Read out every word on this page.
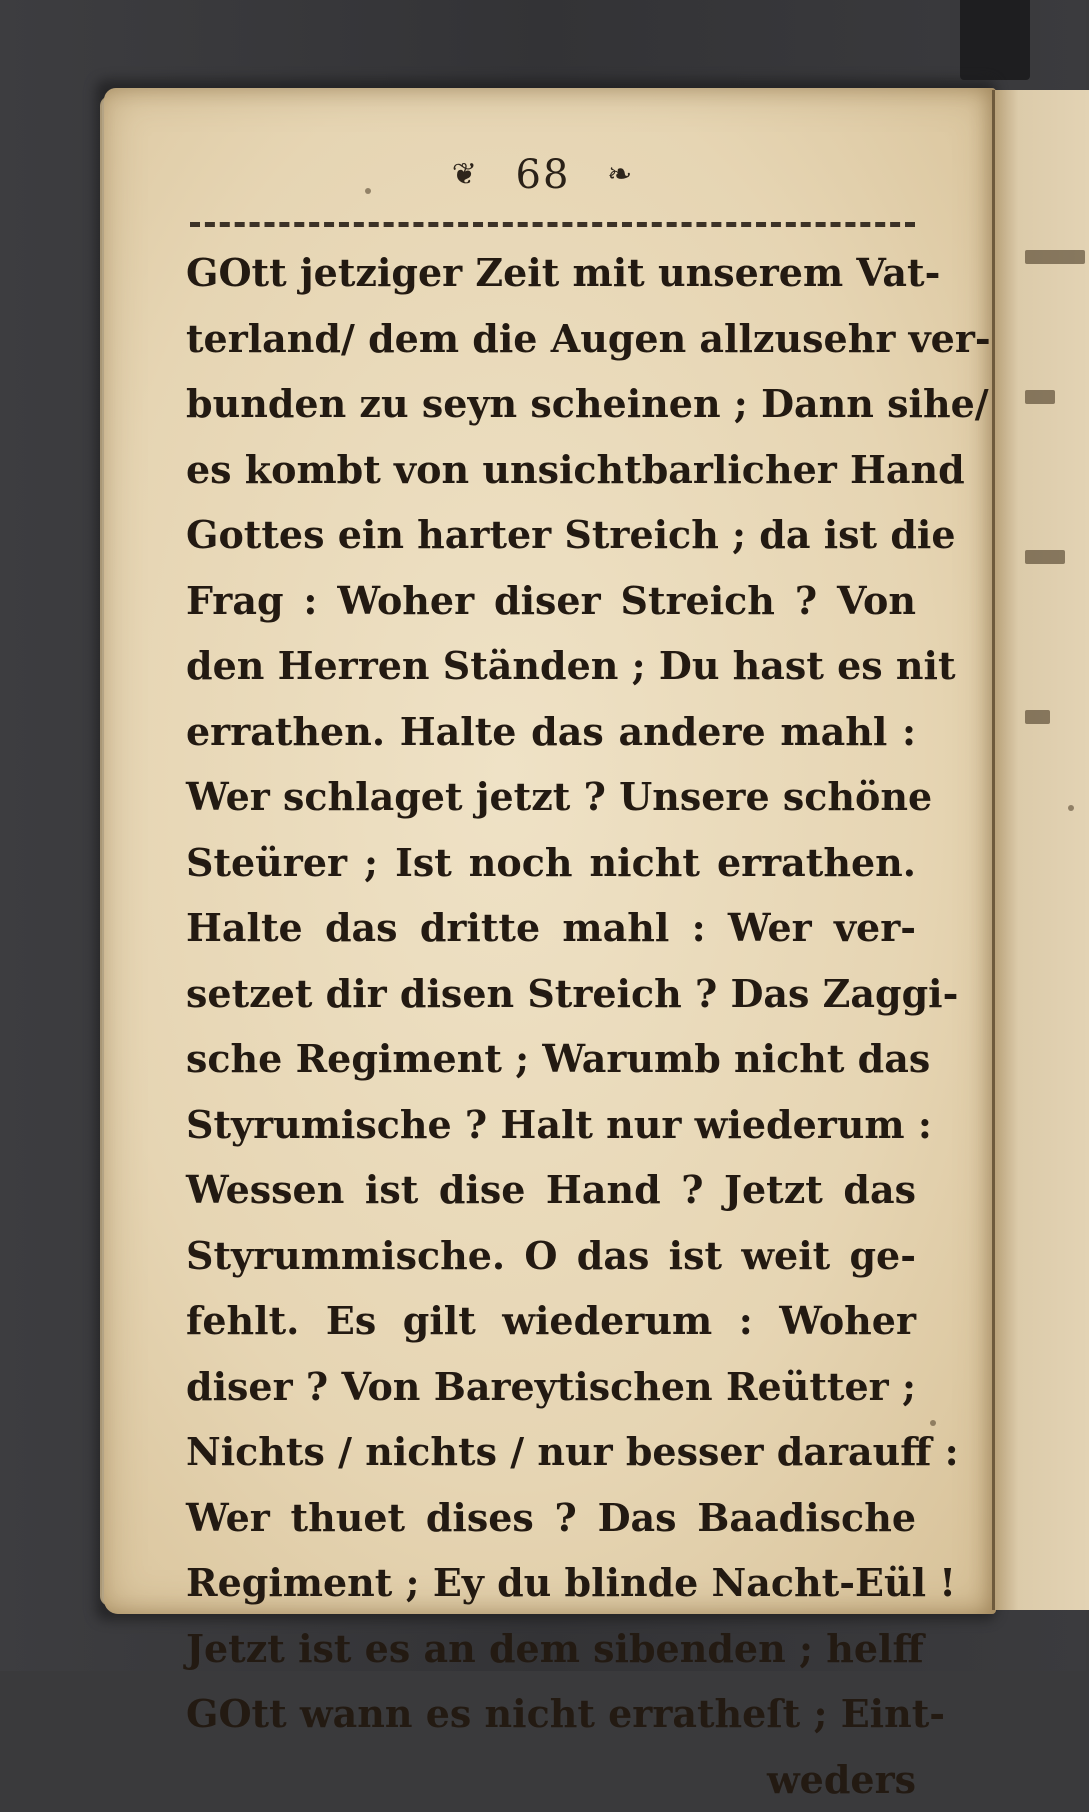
❦ 68 ❧
GOtt jetziger Zeit mit unserem Vat-
terland/ dem die Augen allzusehr ver-
bunden zu seyn scheinen ; Dann sihe/
es kombt von unsichtbarlicher Hand
Gottes ein harter Streich ; da ist die
Frag : Woher diser Streich ? Von
den Herren Ständen ; Du hast es nit
errathen. Halte das andere mahl :
Wer schlaget jetzt ? Unsere schöne
Steürer ; Ist noch nicht errathen.
Halte das dritte mahl : Wer ver-
setzet dir disen Streich ? Das Zaggi-
sche Regiment ; Warumb nicht das
Styrumische ? Halt nur wiederum :
Wessen ist dise Hand ? Jetzt das
Styrummische. O das ist weit ge-
fehlt. Es gilt wiederum : Woher
diser ? Von Bareytischen Reütter ;
Nichts / nichts / nur besser darauff :
Wer thuet dises ? Das Baadische
Regiment ; Ey du blinde Nacht-Eül !
Jetzt ist es an dem sibenden ; helff
GOtt wann es nicht erratheſt ; Eint-
weders
